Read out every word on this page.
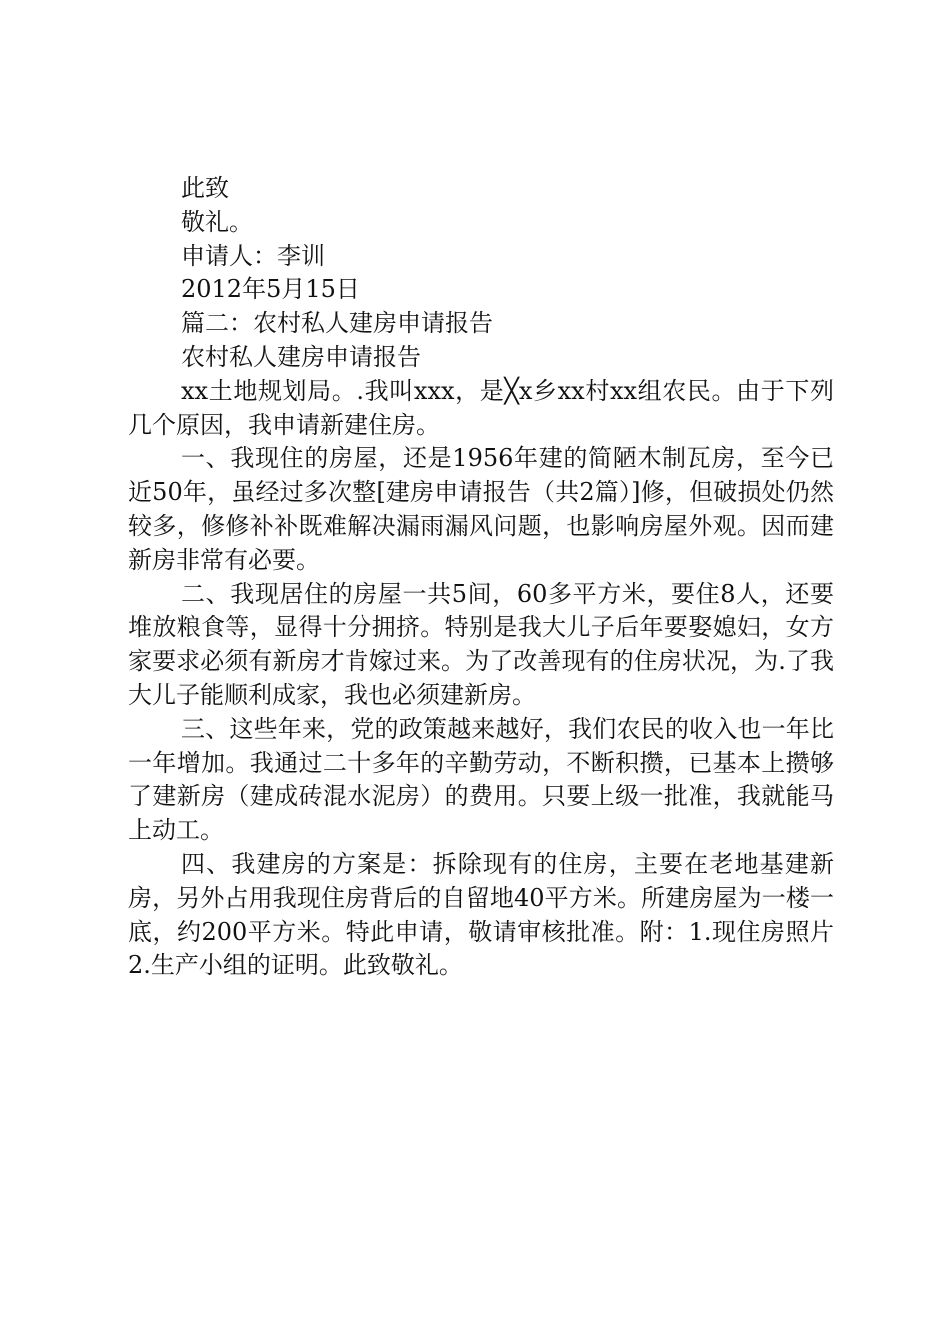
此致

敬礼。

申请人：李训

2012年5月15日

篇二：农村私人建房申请报告

农村私人建房申请报告

xx土地规划局。.我叫xxx，是╳x乡xx村xx组农民。由于下列几个原因，我申请新建住房。

一、我现住的房屋，还是1956年建的简陋木制瓦房，至今已近50年，虽经过多次整[建房申请报告（共2篇）]修，但破损处仍然较多，修修补补既难解决漏雨漏风问题，也影响房屋外观。因而建新房非常有必要。

二、我现居住的房屋一共5间，60多平方米，要住8人，还要堆放粮食等，显得十分拥挤。特别是我大儿子后年要娶媳妇，女方家要求必须有新房才肯嫁过来。为了改善现有的住房状况，为.了我大儿子能顺利成家，我也必须建新房。

三、这些年来，党的政策越来越好，我们农民的收入也一年比一年增加。我通过二十多年的辛勤劳动，不断积攒，已基本上攒够了建新房（建成砖混水泥房）的费用。只要上级一批准，我就能马上动工。

四、我建房的方案是：拆除现有的住房，主要在老地基建新房，另外占用我现住房背后的自留地40平方米。所建房屋为一楼一底，约200平方米。特此申请，敬请审核批准。附：1.现住房照片2.生产小组的证明。此致敬礼。
